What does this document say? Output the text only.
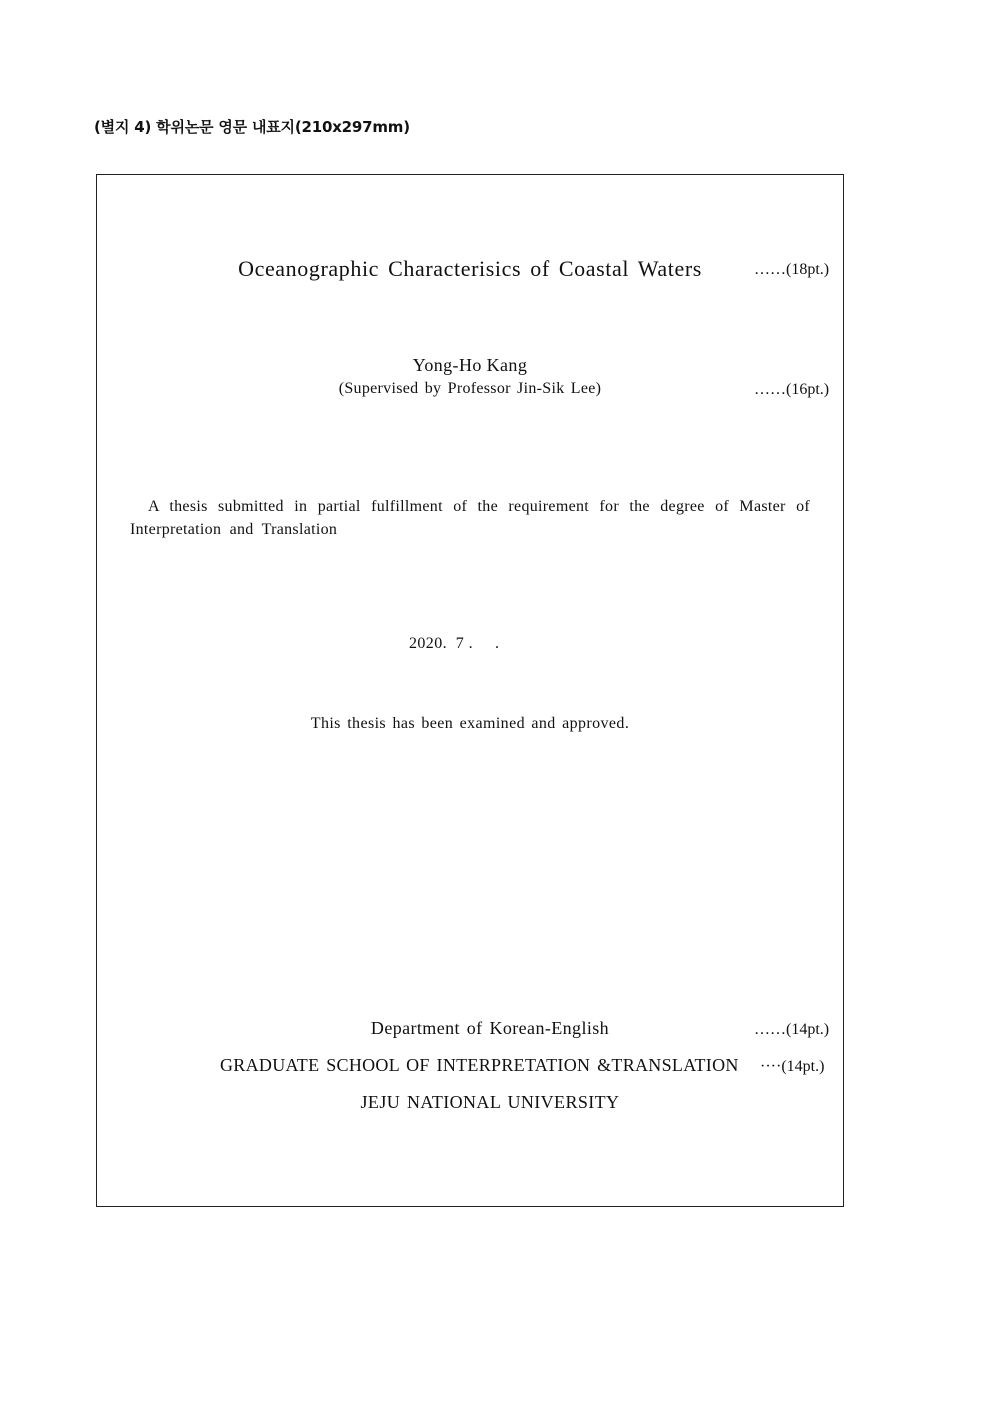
(별지 4) 학위논문 영문 내표지(210x297mm)
Oceanographic Characterisics of Coastal Waters	……(18pt.)
Yong-Ho Kang
(Supervised by Professor Jin-Sik Lee)	……(16pt.)
A thesis submitted in partial fulfillment of the requirement for the degree of Master of Interpretation and Translation
2020.  7 .     .
This thesis has been examined and approved.
Department of Korean-English	……(14pt.)
GRADUATE SCHOOL OF INTERPRETATION &TRANSLATION ····(14pt.)
JEJU NATIONAL UNIVERSITY
